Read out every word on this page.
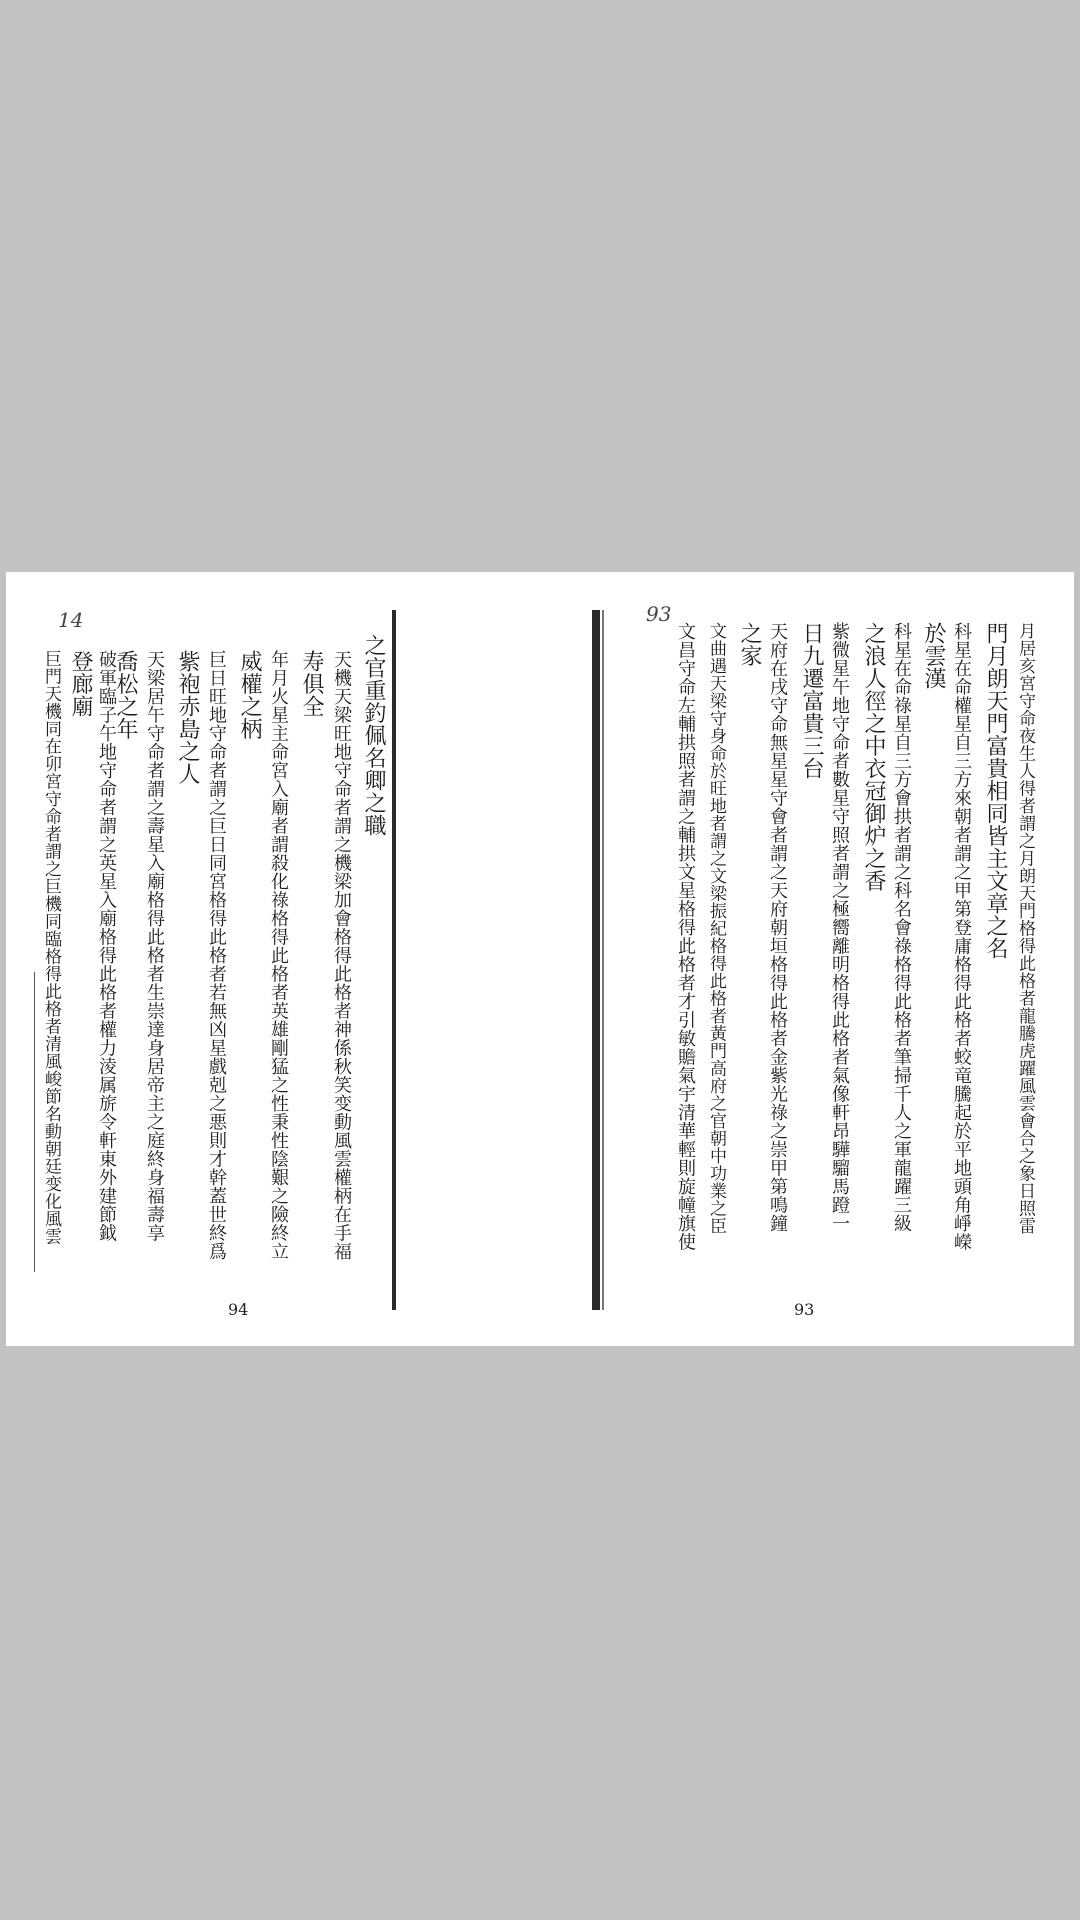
14
之官重釣佩名卿之職
天機天梁旺地守命者謂之機梁加會格得此格者神係秋笑变動風雲權柄在手福
寿俱全
年月火星主命宮入廟者謂殺化祿格得此格者英雄剛猛之性秉性陰艱之險終立
威權之柄
巨日旺地守命者謂之巨日同宮格得此格者若無凶星戲剋之悪則才幹蓋世終爲
紫袍赤島之人
天梁居午守命者謂之壽星入廟格得此格者生崇達身居帝主之庭終身福壽享
喬松之年
破軍臨子午地守命者謂之英星入廟格得此格者權力淩属旂令軒東外建節鉞
登廊廟
巨門天機同在卯宮守命者謂之巨機同臨格得此格者清風峻節名動朝廷变化風雲
94
93
月居亥宮守命夜生人得者謂之月朗天門格得此格者龍騰虎躍風雲會合之象日照雷
門月朗天門富貴相同皆主文章之名
科星在命權星自三方來朝者謂之甲第登庸格得此格者蛟竜騰起於平地頭角崢嶸
於雲漢
科星在命祿星自三方會拱者謂之科名會祿格得此格者筆掃千人之軍龍躍三級
之浪人徑之中衣冠御炉之香
紫微星午地守命者數星守照者謂之極嚮離明格得此格者氣像軒昂驊騮馬蹬一
日九遷富貴三台
天府在戌守命無星星守會者謂之天府朝垣格得此格者金紫光祿之崇甲第鳴鐘
之家
文曲遇天梁守身命於旺地者謂之文梁振紀格得此格者黃門高府之官朝中功業之臣
文昌守命左輔拱照者謂之輔拱文星格得此格者才引敏贍氣宇清華輕則旋幢旗使
93
